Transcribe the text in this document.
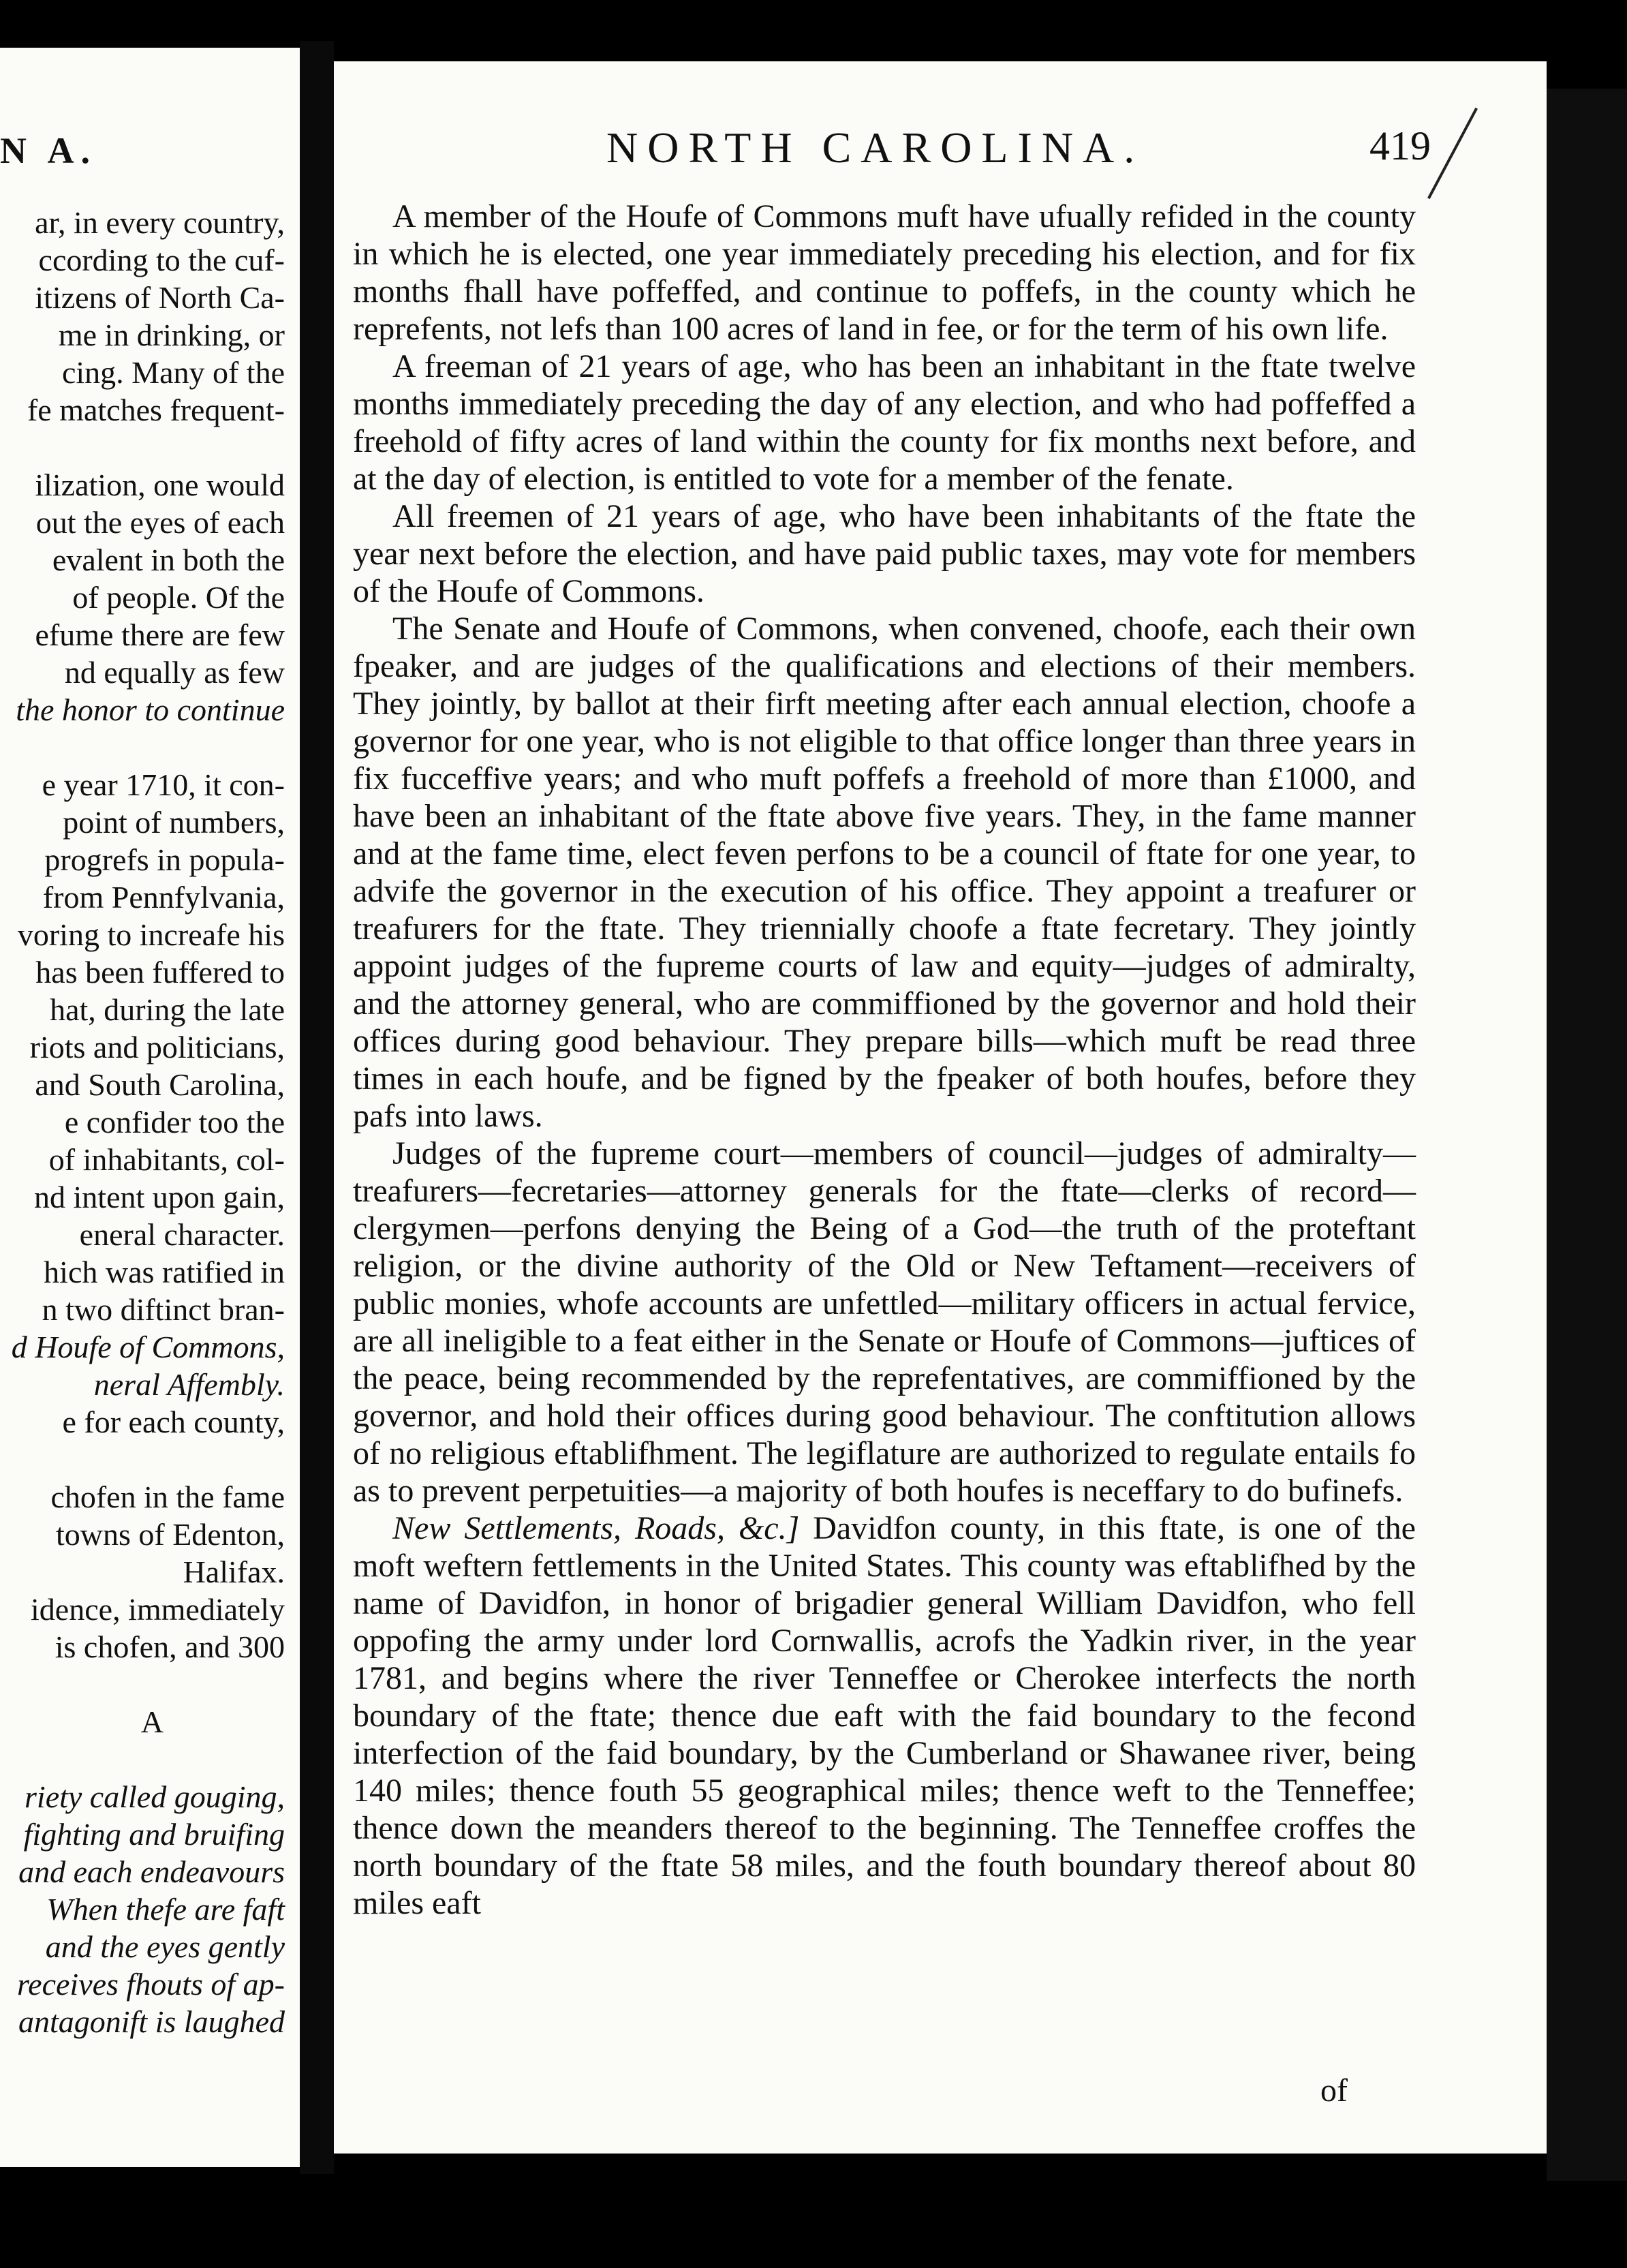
N A.
ar, in every country,
ccording to the cuf-
itizens of North Ca-
me in drinking, or
cing. Many of the
fe matches frequent-
ilization, one would
out the eyes of each
evalent in both the
of people. Of the
efume there are few
nd equally as few
the honor to continue
e year 1710, it con-
point of numbers,
progrefs in popula-
from Pennfylvania,
voring to increafe his
has been fuffered to
hat, during the late
riots and politicians,
and South Carolina,
e confider too the
of inhabitants, col-
nd intent upon gain,
eneral character.
hich was ratified in
n two diftinct bran-
d Houfe of Commons,
neral Affembly.
e for each county,
chofen in the fame
towns of Edenton,
Halifax.
idence, immediately
is chofen, and 300
A
riety called gouging,
fighting and bruifing
and each endeavours
When thefe are faft
and the eyes gently
receives fhouts of ap-
antagonift is laughed
NORTH CAROLINA.	419

A member of the Houfe of Commons muft have ufually refided in the county in which he is elected, one year immediately preceding his election, and for fix months fhall have poffeffed, and continue to poffefs, in the county which he reprefents, not lefs than 100 acres of land in fee, or for the term of his own life.

A freeman of 21 years of age, who has been an inhabitant in the ftate twelve months immediately preceding the day of any election, and who had poffeffed a freehold of fifty acres of land within the county for fix months next before, and at the day of election, is entitled to vote for a member of the fenate.

All freemen of 21 years of age, who have been inhabitants of the ftate the year next before the election, and have paid public taxes, may vote for members of the Houfe of Commons.

The Senate and Houfe of Commons, when convened, choofe, each their own fpeaker, and are judges of the qualifications and elections of their members. They jointly, by ballot at their firft meeting after each annual election, choofe a governor for one year, who is not eligible to that office longer than three years in fix fucceffive years; and who muft poffefs a freehold of more than £1000, and have been an inhabitant of the ftate above five years. They, in the fame manner and at the fame time, elect feven perfons to be a council of ftate for one year, to advife the governor in the execution of his office. They appoint a treafurer or treafurers for the ftate. They triennially choofe a ftate fecretary. They jointly appoint judges of the fupreme courts of law and equity—judges of admiralty, and the attorney general, who are commiffioned by the governor and hold their offices during good behaviour. They prepare bills—which muft be read three times in each houfe, and be figned by the fpeaker of both houfes, before they pafs into laws.

Judges of the fupreme court—members of council—judges of admiralty—treafurers—fecretaries—attorney generals for the ftate—clerks of record—clergymen—perfons denying the Being of a God—the truth of the proteftant religion, or the divine authority of the Old or New Teftament—receivers of public monies, whofe accounts are unfettled—military officers in actual fervice, are all ineligible to a feat either in the Senate or Houfe of Commons—juftices of the peace, being recommended by the reprefentatives, are commiffioned by the governor, and hold their offices during good behaviour. The conftitution allows of no religious eftablifhment. The legiflature are authorized to regulate entails fo as to prevent perpetuities—a majority of both houfes is neceffary to do bufinefs.

New Settlements, Roads, &c.] Davidfon county, in this ftate, is one of the moft weftern fettlements in the United States. This county was eftablifhed by the name of Davidfon, in honor of brigadier general William Davidfon, who fell oppofing the army under lord Cornwallis, acrofs the Yadkin river, in the year 1781, and begins where the river Tenneffee or Cherokee interfects the north boundary of the ftate; thence due eaft with the faid boundary to the fecond interfection of the faid boundary, by the Cumberland or Shawanee river, being 140 miles; thence fouth 55 geographical miles; thence weft to the Tenneffee; thence down the meanders thereof to the beginning. The Tenneffee croffes the north boundary of the ftate 58 miles, and the fouth boundary thereof about 80 miles eaft

of
